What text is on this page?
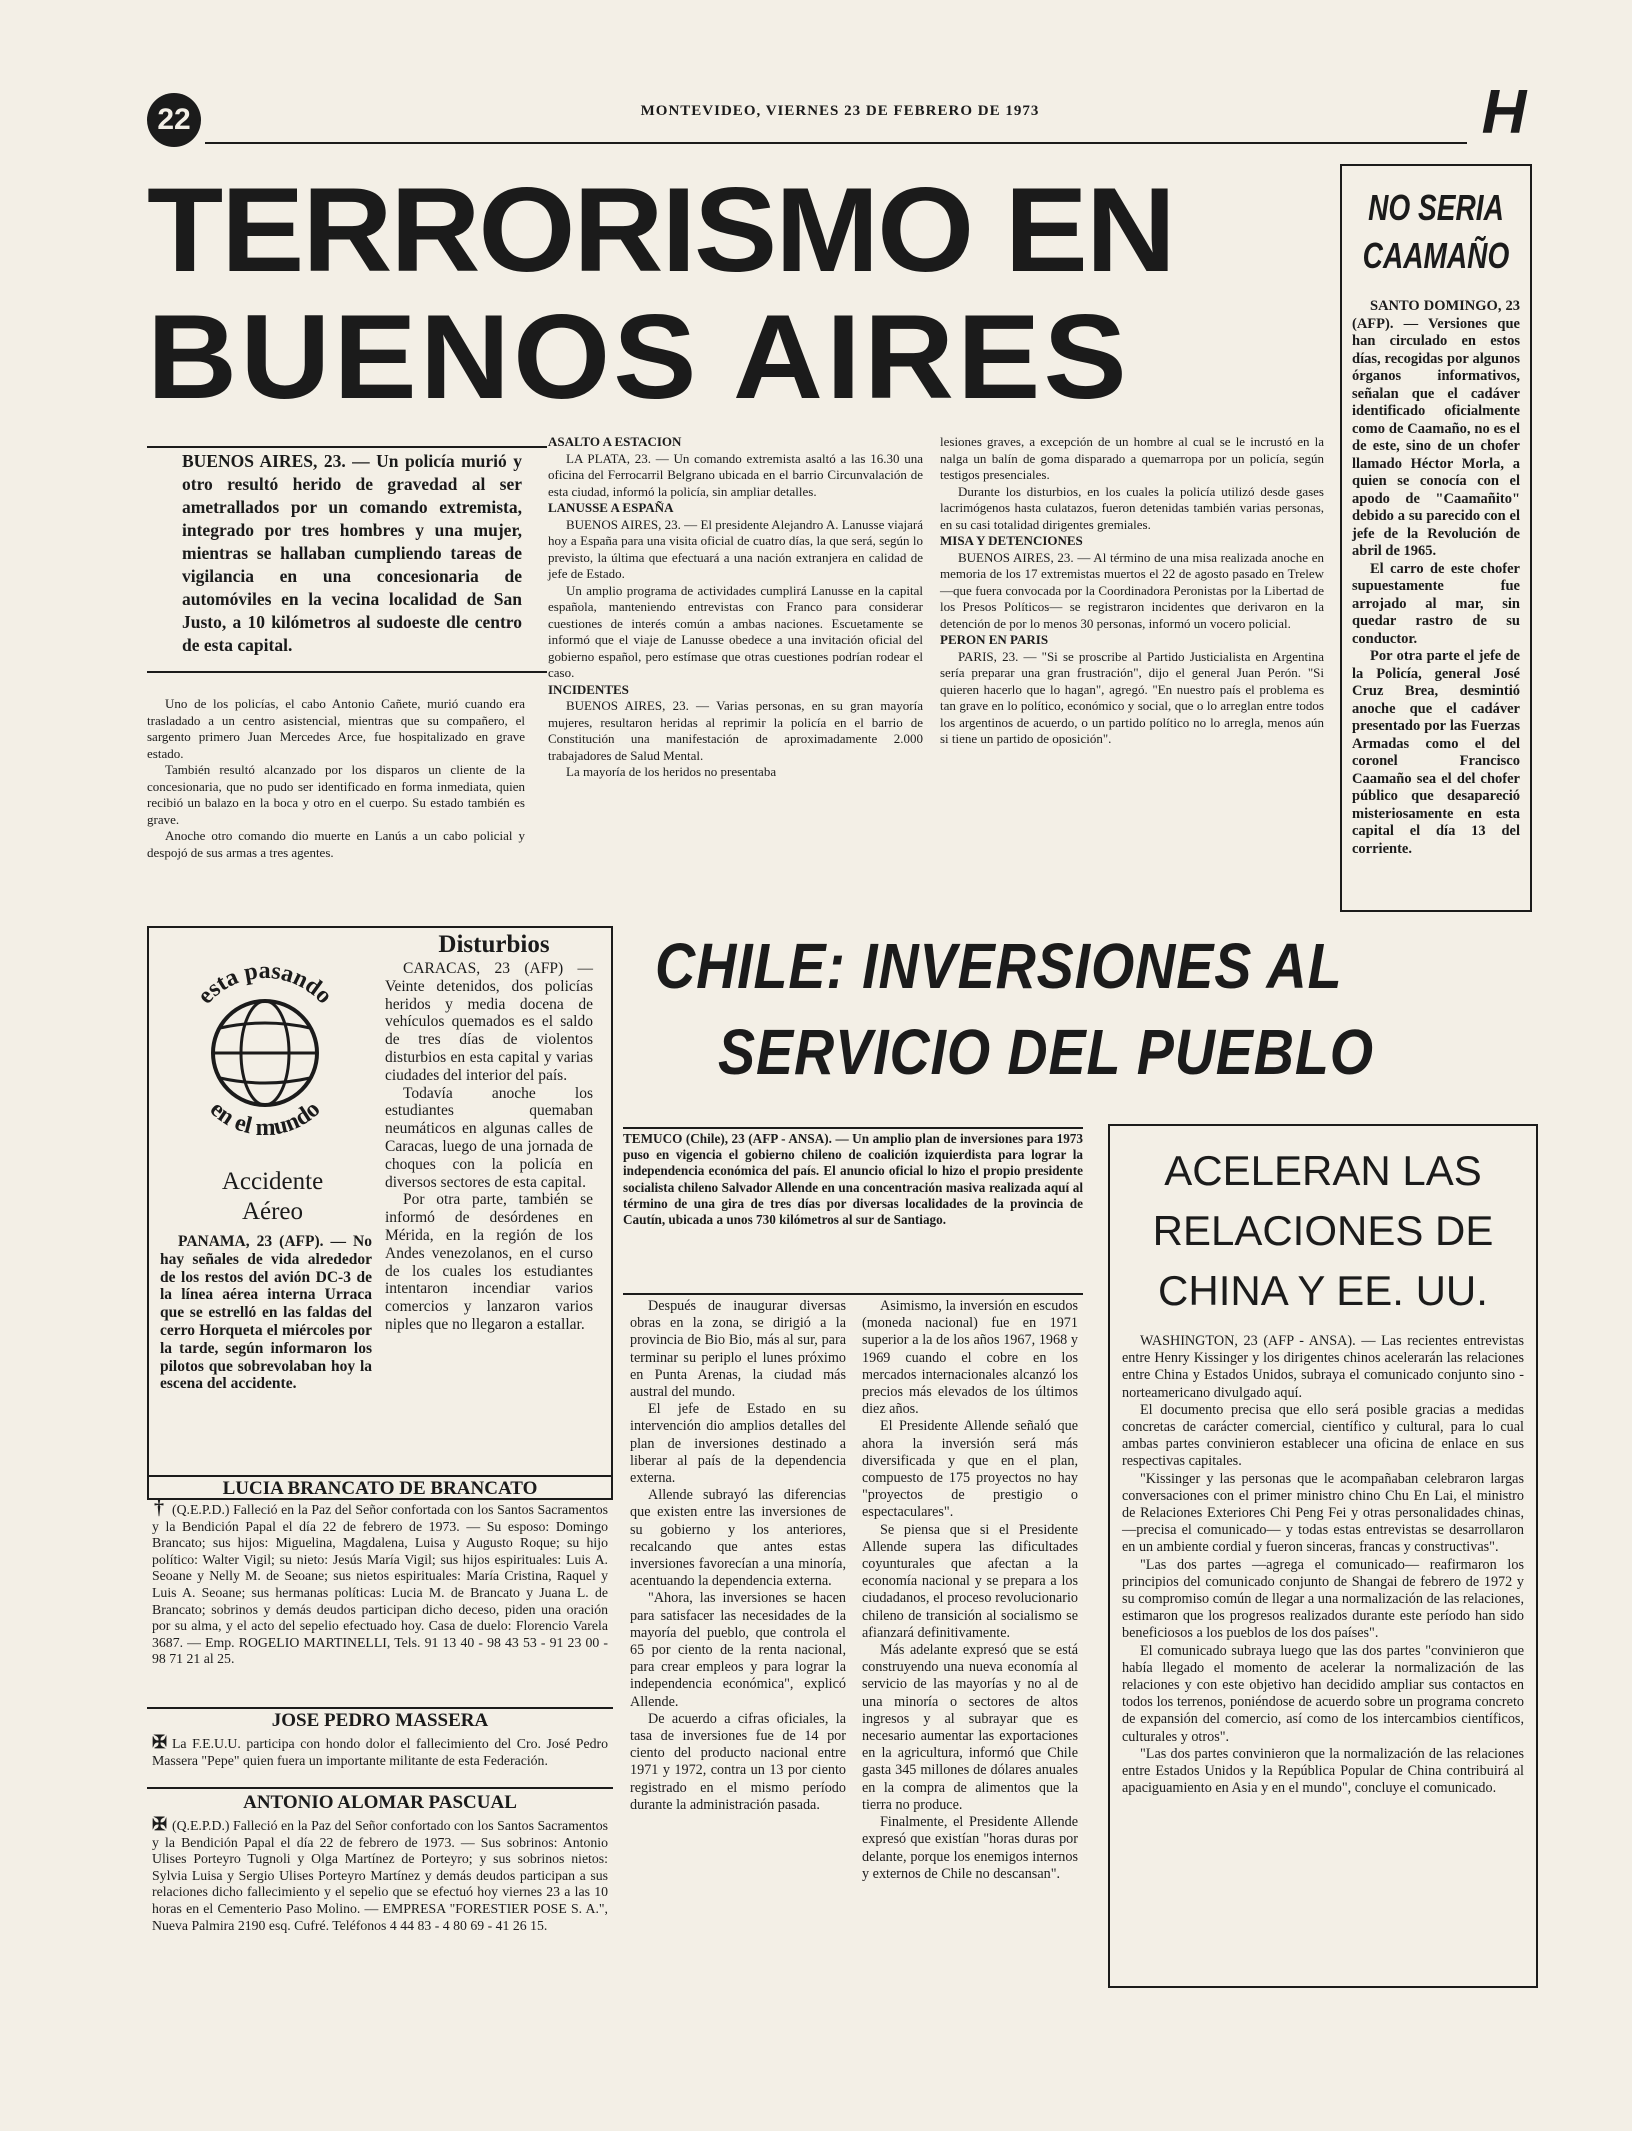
22	MONTEVIDEO, VIERNES 23 DE FEBRERO DE 1973	H
TERRORISMO EN
BUENOS AIRES
BUENOS AIRES, 23. — Un policía murió y otro resultó herido de gravedad al ser ametrallados por un comando extremista, integrado por tres hombres y una mujer, mientras se hallaban cumpliendo tareas de vigilancia en una concesionaria de automóviles en la vecina localidad de San Justo, a 10 kilómetros al sudoeste dle centro de esta capital.

Uno de los policías, el cabo Antonio Cañete, murió cuando era trasladado a un centro asistencial, mientras que su compañero, el sargento primero Juan Mercedes Arce, fue hospitalizado en grave estado.

También resultó alcanzado por los disparos un cliente de la concesionaria, que no pudo ser identificado en forma inmediata, quien recibió un balazo en la boca y otro en el cuerpo. Su estado también es grave.

Anoche otro comando dio muerte en Lanús a un cabo policial y despojó de sus armas a tres agentes.

ASALTO A ESTACION

LA PLATA, 23. — Un comando extremista asaltó a las 16.30 una oficina del Ferrocarril Belgrano ubicada en el barrio Circunvalación de esta ciudad, informó la policía, sin ampliar detalles.

LANUSSE A ESPAÑA

BUENOS AIRES, 23. — El presidente Alejandro A. Lanusse viajará hoy a España para una visita oficial de cuatro días, la que será, según lo previsto, la última que efectuará a una nación extranjera en calidad de jefe de Estado.

Un amplio programa de actividades cumplirá Lanusse en la capital española, manteniendo entrevistas con Franco para considerar cuestiones de interés común a ambas naciones. Escuetamente se informó que el viaje de Lanusse obedece a una invitación oficial del gobierno español, pero estímase que otras cuestiones podrían rodear el caso.

INCIDENTES

BUENOS AIRES, 23. — Varias personas, en su gran mayoría mujeres, resultaron heridas al reprimir la policía en el barrio de Constitución una manifestación de aproximadamente 2.000 trabajadores de Salud Mental.

La mayoría de los heridos no presentaba

lesiones graves, a excepción de un hombre al cual se le incrustó en la nalga un balín de goma disparado a quemarropa por un policía, según testigos presenciales.

Durante los disturbios, en los cuales la policía utilizó desde gases lacrimógenos hasta culatazos, fueron detenidas también varias personas, en su casi totalidad dirigentes gremiales.

MISA Y DETENCIONES

BUENOS AIRES, 23. — Al término de una misa realizada anoche en memoria de los 17 extremistas muertos el 22 de agosto pasado en Trelew —que fuera convocada por la Coordinadora Peronistas por la Libertad de los Presos Políticos— se registraron incidentes que derivaron en la detención de por lo menos 30 personas, informó un vocero policial.

PERON EN PARIS

PARIS, 23. — "Si se proscribe al Partido Justicialista en Argentina sería preparar una gran frustración", dijo el general Juan Perón. "Si quieren hacerlo que lo hagan", agregó. "En nuestro país el problema es tan grave en lo político, económico y social, que o lo arreglan entre todos los argentinos de acuerdo, o un partido político no lo arregla, menos aún si tiene un partido de oposición".

NO SERIA
CAAMAÑO

SANTO DOMINGO, 23 (AFP). — Versiones que han circulado en estos días, recogidas por algunos órganos informativos, señalan que el cadáver identificado oficialmente como de Caamaño, no es el de este, sino de un chofer llamado Héctor Morla, a quien se conocía con el apodo de "Caamañito" debido a su parecido con el jefe de la Revolución de abril de 1965.

El carro de este chofer supuestamente fue arrojado al mar, sin quedar rastro de su conductor.

Por otra parte el jefe de la Policía, general José Cruz Brea, desmintió anoche que el cadáver presentado por las Fuerzas Armadas como el del coronel Francisco Caamaño sea el del chofer público que desapareció misteriosamente en esta capital el día 13 del corriente.

esta pasando
en el mundo
Accidente
Aéreo

PANAMA, 23 (AFP). — No hay señales de vida alrededor de los restos del avión DC-3 de la línea aérea interna Urraca que se estrelló en las faldas del cerro Horqueta el miércoles por la tarde, según informaron los pilotos que sobrevolaban hoy la escena del accidente.

Disturbios

CARACAS, 23 (AFP) — Veinte detenidos, dos policías heridos y media docena de vehículos quemados es el saldo de tres días de violentos disturbios en esta capital y varias ciudades del interior del país.

Todavía anoche los estudiantes quemaban neumáticos en algunas calles de Caracas, luego de una jornada de choques con la policía en diversos sectores de esta capital.

Por otra parte, también se informó de desórdenes en Mérida, en la región de los Andes venezolanos, en el curso de los cuales los estudiantes intentaron incendiar varios comercios y lanzaron varios niples que no llegaron a estallar.

LUCIA BRANCATO DE BRANCATO

† (Q.E.P.D.) Falleció en la Paz del Señor confortada con los Santos Sacramentos y la Bendición Papal el día 22 de febrero de 1973. — Su esposo: Domingo Brancato; sus hijos: Miguelina, Magdalena, Luisa y Augusto Roque; su hijo político: Walter Vigil; su nieto: Jesús María Vigil; sus hijos espirituales: Luis A. Seoane y Nelly M. de Seoane; sus nietos espirituales: María Cristina, Raquel y Luis A. Seoane; sus hermanas políticas: Lucia M. de Brancato y Juana L. de Brancato; sobrinos y demás deudos participan dicho deceso, piden una oración por su alma, y el acto del sepelio efectuado hoy. Casa de duelo: Florencio Varela 3687. — Emp. ROGELIO MARTINELLI, Tels. 91 13 40 - 98 43 53 - 91 23 00 - 98 71 21 al 25.

JOSE PEDRO MASSERA

✠ La F.E.U.U. participa con hondo dolor el fallecimiento del Cro. José Pedro Massera "Pepe" quien fuera un importante militante de esta Federación.

ANTONIO ALOMAR PASCUAL

✠ (Q.E.P.D.) Falleció en la Paz del Señor confortado con los Santos Sacramentos y la Bendición Papal el día 22 de febrero de 1973. — Sus sobrinos: Antonio Ulises Porteyro Tugnoli y Olga Martínez de Porteyro; y sus sobrinos nietos: Sylvia Luisa y Sergio Ulises Porteyro Martínez y demás deudos participan a sus relaciones dicho fallecimiento y el sepelio que se efectuó hoy viernes 23 a las 10 horas en el Cementerio Paso Molino. — EMPRESA "FORESTIER POSE S. A.", Nueva Palmira 2190 esq. Cufré. Teléfonos 4 44 83 - 4 80 69 - 41 26 15.

CHILE: INVERSIONES AL
SERVICIO DEL PUEBLO
TEMUCO (Chile), 23 (AFP - ANSA). — Un amplio plan de inversiones para 1973 puso en vigencia el gobierno chileno de coalición izquierdista para lograr la independencia económica del país. El anuncio oficial lo hizo el propio presidente socialista chileno Salvador Allende en una concentración masiva realizada aquí al término de una gira de tres días por diversas localidades de la provincia de Cautín, ubicada a unos 730 kilómetros al sur de Santiago.

Después de inaugurar diversas obras en la zona, se dirigió a la provincia de Bio Bio, más al sur, para terminar su periplo el lunes próximo en Punta Arenas, la ciudad más austral del mundo.

El jefe de Estado en su intervención dio amplios detalles del plan de inversiones destinado a liberar al país de la dependencia externa.

Allende subrayó las diferencias que existen entre las inversiones de su gobierno y los anteriores, recalcando que antes estas inversiones favorecían a una minoría, acentuando la dependencia externa.

"Ahora, las inversiones se hacen para satisfacer las necesidades de la mayoría del pueblo, que controla el 65 por ciento de la renta nacional, para crear empleos y para lograr la independencia económica", explicó Allende.

De acuerdo a cifras oficiales, la tasa de inversiones fue de 14 por ciento del producto nacional entre 1971 y 1972, contra un 13 por ciento registrado en el mismo período durante la administración pasada.

Asimismo, la inversión en escudos (moneda nacional) fue en 1971 superior a la de los años 1967, 1968 y 1969 cuando el cobre en los mercados internacionales alcanzó los precios más elevados de los últimos diez años.

El Presidente Allende señaló que ahora la inversión será más diversificada y que en el plan, compuesto de 175 proyectos no hay "proyectos de prestigio o espectaculares".

Se piensa que si el Presidente Allende supera las dificultades coyunturales que afectan a la economía nacional y se prepara a los ciudadanos, el proceso revolucionario chileno de transición al socialismo se afianzará definitivamente.

Más adelante expresó que se está construyendo una nueva economía al servicio de las mayorías y no al de una minoría o sectores de altos ingresos y al subrayar que es necesario aumentar las exportaciones en la agricultura, informó que Chile gasta 345 millones de dólares anuales en la compra de alimentos que la tierra no produce.

Finalmente, el Presidente Allende expresó que existían "horas duras por delante, porque los enemigos internos y externos de Chile no descansan".

ACELERAN LAS
RELACIONES DE
CHINA Y EE. UU.

WASHINGTON, 23 (AFP - ANSA). — Las recientes entrevistas entre Henry Kissinger y los dirigentes chinos acelerarán las relaciones entre China y Estados Unidos, subraya el comunicado conjunto sino - norteamericano divulgado aquí.

El documento precisa que ello será posible gracias a medidas concretas de carácter comercial, científico y cultural, para lo cual ambas partes convinieron establecer una oficina de enlace en sus respectivas capitales.

"Kissinger y las personas que le acompañaban celebraron largas conversaciones con el primer ministro chino Chu En Lai, el ministro de Relaciones Exteriores Chi Peng Fei y otras personalidades chinas, —precisa el comunicado— y todas estas entrevistas se desarrollaron en un ambiente cordial y fueron sinceras, francas y constructivas".

"Las dos partes —agrega el comunicado— reafirmaron los principios del comunicado conjunto de Shangai de febrero de 1972 y su compromiso común de llegar a una normalización de las relaciones, estimaron que los progresos realizados durante este período han sido beneficiosos a los pueblos de los dos países".

El comunicado subraya luego que las dos partes "convinieron que había llegado el momento de acelerar la normalización de las relaciones y con este objetivo han decidido ampliar sus contactos en todos los terrenos, poniéndose de acuerdo sobre un programa concreto de expansión del comercio, así como de los intercambios científicos, culturales y otros".

"Las dos partes convinieron que la normalización de las relaciones entre Estados Unidos y la República Popular de China contribuirá al apaciguamiento en Asia y en el mundo", concluye el comunicado.
